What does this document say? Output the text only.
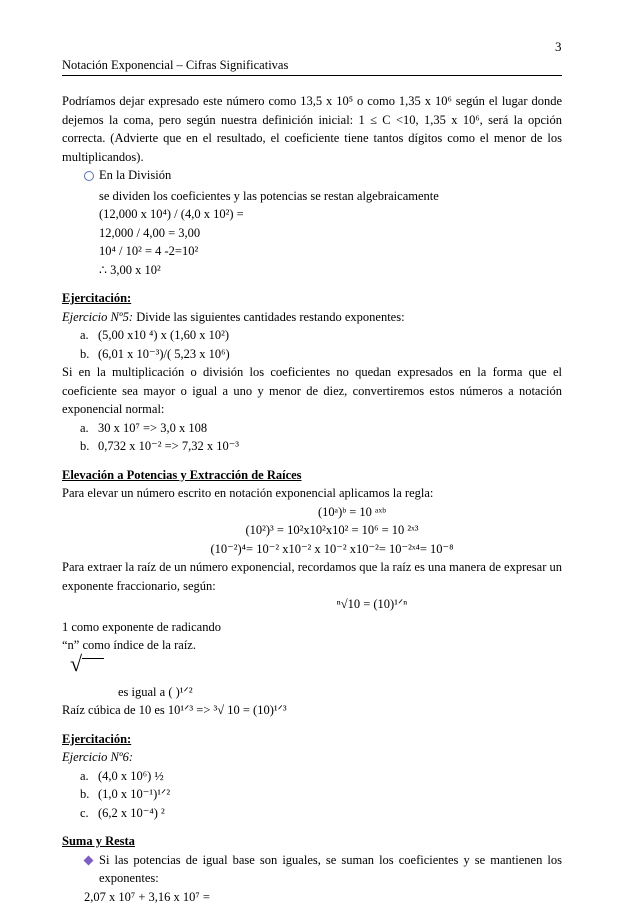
3
Notación Exponencial – Cifras Significativas

Podríamos dejar expresado este número como 13,5 x 10⁵ o como 1,35 x 10⁶ según el lugar donde dejemos la coma, pero según nuestra definición inicial: 1 ≤ C <10, 1,35 x 10⁶, será la opción correcta. (Advierte que en el resultado, el coeficiente tiene tantos dígitos como el menor de los multiplicandos).

En la División

se dividen los coeficientes y las potencias se restan algebraicamente

(12,000 x 10⁴) / (4,0 x 10²) =

12,000 / 4,00 = 3,00

10⁴ / 10² = 4 -2=10²

∴ 3,00 x 10²

Ejercitación:

Ejercicio Nº5: Divide las siguientes cantidades restando exponentes:

a. (5,00 x10 ⁴) x (1,60 x 10²)
b. (6,01 x 10⁻³)/( 5,23 x 10⁶)

Si en la multiplicación o división los coeficientes no quedan expresados en la forma que el coeficiente sea mayor o igual a uno y menor de diez, convertiremos estos números a notación exponencial normal:

a. 30 x 10⁷ => 3,0 x 108
b. 0,732 x 10⁻² => 7,32 x 10⁻³

Elevación a Potencias y Extracción de Raíces

Para elevar un número escrito en notación exponencial aplicamos la regla:

(10ᵃ)ᵇ = 10 ᵃˣᵇ

(10²)³ = 10²x10²x10² = 10⁶ = 10 ²ˣ³

(10⁻²)⁴= 10⁻² x10⁻² x 10⁻² x10⁻²= 10⁻²ˣ⁴= 10⁻⁸

Para extraer la raíz de un número exponencial, recordamos que la raíz es una manera de expresar un exponente fraccionario, según:

ⁿ√10 = (10)¹ᐟⁿ

1 como exponente de radicando

“n” como índice de la raíz.

√

es igual a ( )¹ᐟ²

Raíz cúbica de 10 es 10¹ᐟ³ => ³√ 10 = (10)¹ᐟ³

Ejercitación:

Ejercicio Nº6:

a. (4,0 x 10⁶) ½
b. (1,0 x 10⁻¹)¹ᐟ²
c. (6,2 x 10⁻⁴) ²

Suma y Resta

Si las potencias de igual base son iguales, se suman los coeficientes y se mantienen los exponentes:

2,07 x 10⁷ + 3,16 x 10⁷ =
